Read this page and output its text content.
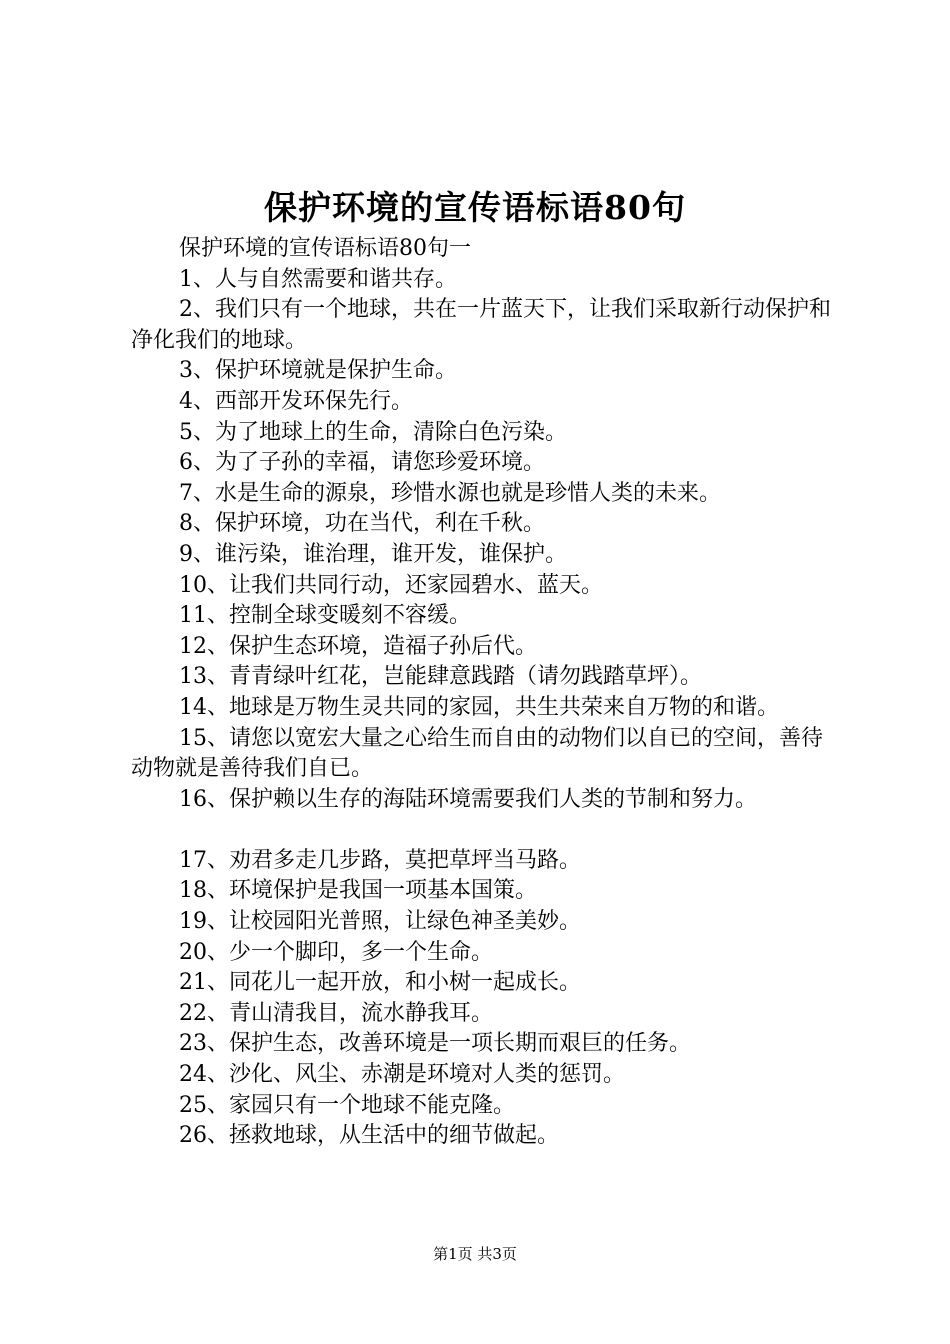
保护环境的宣传语标语80句

保护环境的宣传语标语80句一

1、人与自然需要和谐共存。

2、我们只有一个地球，共在一片蓝天下，让我们采取新行动保护和净化我们的地球。

3、保护环境就是保护生命。

4、西部开发环保先行。

5、为了地球上的生命，清除白色污染。

6、为了子孙的幸福，请您珍爱环境。

7、水是生命的源泉，珍惜水源也就是珍惜人类的未来。

8、保护环境，功在当代，利在千秋。

9、谁污染，谁治理，谁开发，谁保护。

10、让我们共同行动，还家园碧水、蓝天。

11、控制全球变暖刻不容缓。

12、保护生态环境，造福子孙后代。

13、青青绿叶红花，岂能肆意践踏（请勿践踏草坪）。

14、地球是万物生灵共同的家园，共生共荣来自万物的和谐。

15、请您以宽宏大量之心给生而自由的动物们以自已的空间，善待动物就是善待我们自已。

16、保护赖以生存的海陆环境需要我们人类的节制和努力。

17、劝君多走几步路，莫把草坪当马路。

18、环境保护是我国一项基本国策。

19、让校园阳光普照，让绿色神圣美妙。

20、少一个脚印，多一个生命。

21、同花儿一起开放，和小树一起成长。

22、青山清我目，流水静我耳。

23、保护生态，改善环境是一项长期而艰巨的任务。

24、沙化、风尘、赤潮是环境对人类的惩罚。

25、家园只有一个地球不能克隆。

26、拯救地球，从生活中的细节做起。

第1页 共3页
